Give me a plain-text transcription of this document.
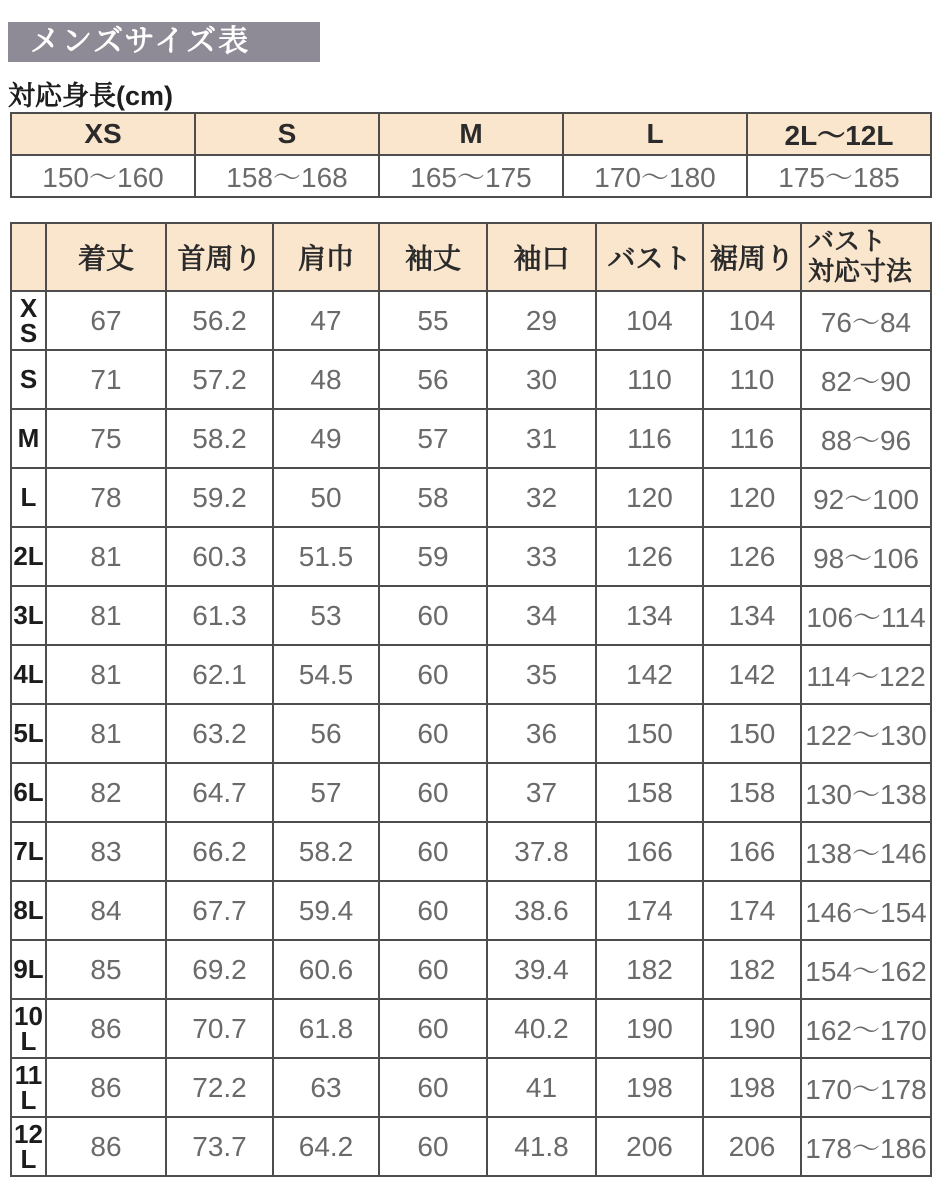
メンズサイズ表
対応身長(cm)
XS	S	M	L	2L～12L
150～160	158～168	165～175	170～180	175～185
	着丈	首周り	肩巾	袖丈	袖口	バスト	裾周り	バスト
対応寸法

XS	67	56.2	47	55	29	104	104	76～84
S	71	57.2	48	56	30	110	110	82～90
M	75	58.2	49	57	31	116	116	88～96
L	78	59.2	50	58	32	120	120	92～100
2L	81	60.3	51.5	59	33	126	126	98～106
3L	81	61.3	53	60	34	134	134	106～114
4L	81	62.1	54.5	60	35	142	142	114～122
5L	81	63.2	56	60	36	150	150	122～130
6L	82	64.7	57	60	37	158	158	130～138
7L	83	66.2	58.2	60	37.8	166	166	138～146
8L	84	67.7	59.4	60	38.6	174	174	146～154
9L	85	69.2	60.6	60	39.4	182	182	154～162
10L	86	70.7	61.8	60	40.2	190	190	162～170
11L	86	72.2	63	60	41	198	198	170～178
12L	86	73.7	64.2	60	41.8	206	206	178～186
